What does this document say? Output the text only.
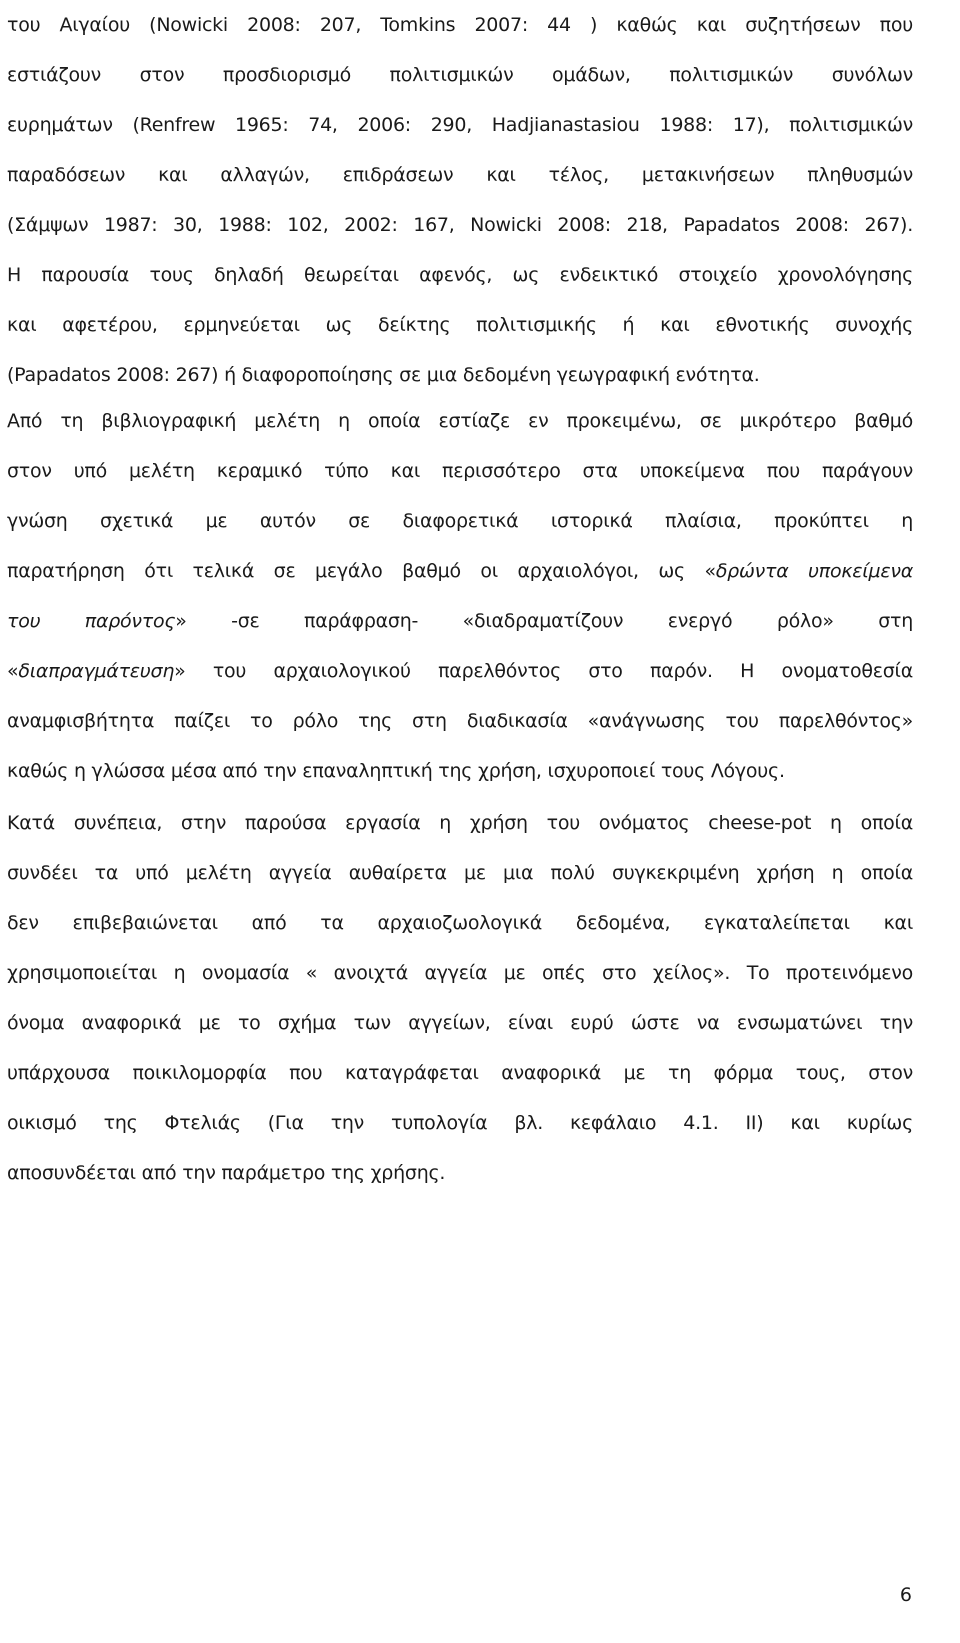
του Αιγαίου (Nowicki 2008: 207, Tomkins 2007: 44 ) καθώς και συζητήσεων που
εστιάζουν στον προσδιορισμό πολιτισμικών ομάδων, πολιτισμικών συνόλων
ευρημάτων (Renfrew 1965: 74, 2006: 290, Hadjianastasiou 1988: 17), πολιτισμικών
παραδόσεων και αλλαγών, επιδράσεων και τέλος, μετακινήσεων πληθυσμών
(Σάμψων 1987: 30, 1988: 102, 2002: 167, Nowicki 2008: 218, Papadatos 2008: 267).
Η παρουσία τους δηλαδή θεωρείται αφενός, ως ενδεικτικό στοιχείο χρονολόγησης
και αφετέρου, ερμηνεύεται ως δείκτης πολιτισμικής ή και εθνοτικής συνοχής
(Papadatos 2008: 267) ή διαφοροποίησης σε μια δεδομένη γεωγραφική ενότητα.
Από τη βιβλιογραφική μελέτη η οποία εστίαζε εν προκειμένω, σε μικρότερο βαθμό
στον υπό μελέτη κεραμικό τύπο και περισσότερο στα υποκείμενα που παράγουν
γνώση σχετικά με αυτόν σε διαφορετικά ιστορικά πλαίσια, προκύπτει η
παρατήρηση ότι τελικά σε μεγάλο βαθμό οι αρχαιολόγοι, ως «δρώντα υποκείμενα
του παρόντος» -σε παράφραση- «διαδραματίζουν ενεργό ρόλο» στη
«διαπραγμάτευση» του αρχαιολογικού παρελθόντος στο παρόν. Η ονοματοθεσία
αναμφισβήτητα παίζει το ρόλο της στη διαδικασία «ανάγνωσης του παρελθόντος»
καθώς η γλώσσα μέσα από την επαναληπτική της χρήση, ισχυροποιεί τους Λόγους.
Κατά συνέπεια, στην παρούσα εργασία η χρήση του ονόματος cheese-pot η οποία
συνδέει τα υπό μελέτη αγγεία αυθαίρετα με μια πολύ συγκεκριμένη χρήση η οποία
δεν επιβεβαιώνεται από τα αρχαιοζωολογικά δεδομένα, εγκαταλείπεται και
χρησιμοποιείται η ονομασία « ανοιχτά αγγεία με οπές στο χείλος». Το προτεινόμενο
όνομα αναφορικά με το σχήμα των αγγείων, είναι ευρύ ώστε να ενσωματώνει την
υπάρχουσα ποικιλομορφία που καταγράφεται αναφορικά με τη φόρμα τους, στον
οικισμό της Φτελιάς (Για την τυπολογία βλ. κεφάλαιο 4.1. ΙΙ) και κυρίως
αποσυνδέεται από την παράμετρο της χρήσης.
6
